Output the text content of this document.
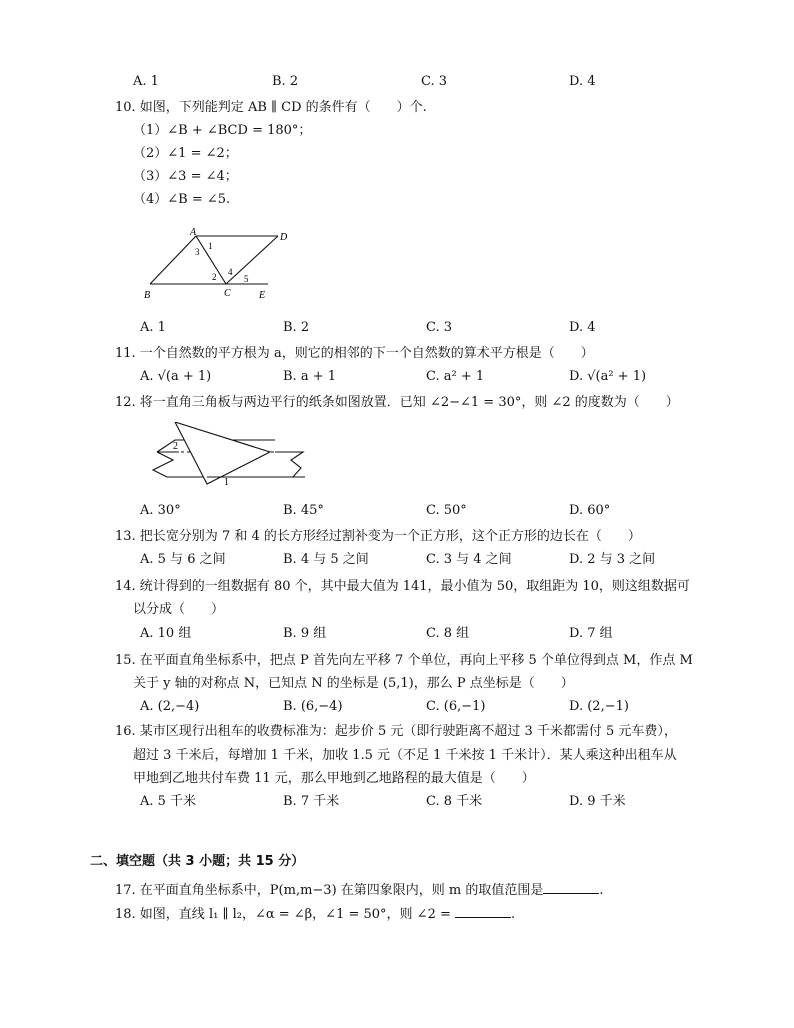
A. 1	B. 2	C. 3	D. 4
10. 如图，下列能判定 AB ∥ CD 的条件有（　　）个.
（1）∠B + ∠BCD = 180°；
（2）∠1 = ∠2；
（3）∠3 = ∠4；
（4）∠B = ∠5.
A	D
B	C	E
1
3
2 4
5
A. 1	B. 2	C. 3	D. 4
11. 一个自然数的平方根为 a，则它的相邻的下一个自然数的算术平方根是（　　）
A. √(a + 1)	B. a + 1	C. a² + 1	D. √(a² + 1)
12. 将一直角三角板与两边平行的纸条如图放置．已知 ∠2−∠1 = 30°，则 ∠2 的度数为（　　）
2
1
A. 30°	B. 45°	C. 50°	D. 60°
13. 把长宽分别为 7 和 4 的长方形经过割补变为一个正方形，这个正方形的边长在（　　）
A. 5 与 6 之间	B. 4 与 5 之间	C. 3 与 4 之间	D. 2 与 3 之间
14. 统计得到的一组数据有 80 个，其中最大值为 141，最小值为 50，取组距为 10，则这组数据可
以分成（　　）
A. 10 组	B. 9 组	C. 8 组	D. 7 组
15. 在平面直角坐标系中，把点 P 首先向左平移 7 个单位，再向上平移 5 个单位得到点 M，作点 M
关于 y 轴的对称点 N，已知点 N 的坐标是 (5,1)，那么 P 点坐标是（　　）
A. (2,−4)	B. (6,−4)	C. (6,−1)	D. (2,−1)
16. 某市区现行出租车的收费标准为：起步价 5 元（即行驶距离不超过 3 千米都需付 5 元车费），
超过 3 千米后，每增加 1 千米，加收 1.5 元（不足 1 千米按 1 千米计）．某人乘这种出租车从
甲地到乙地共付车费 11 元，那么甲地到乙地路程的最大值是（　　）
A. 5 千米	B. 7 千米	C. 8 千米	D. 9 千米
二、填空题（共 3 小题；共 15 分）
17. 在平面直角坐标系中，P(m,m−3) 在第四象限内，则 m 的取值范围是	.
18. 如图，直线 l₁ ∥ l₂，∠α = ∠β，∠1 = 50°，则 ∠2 =	.
